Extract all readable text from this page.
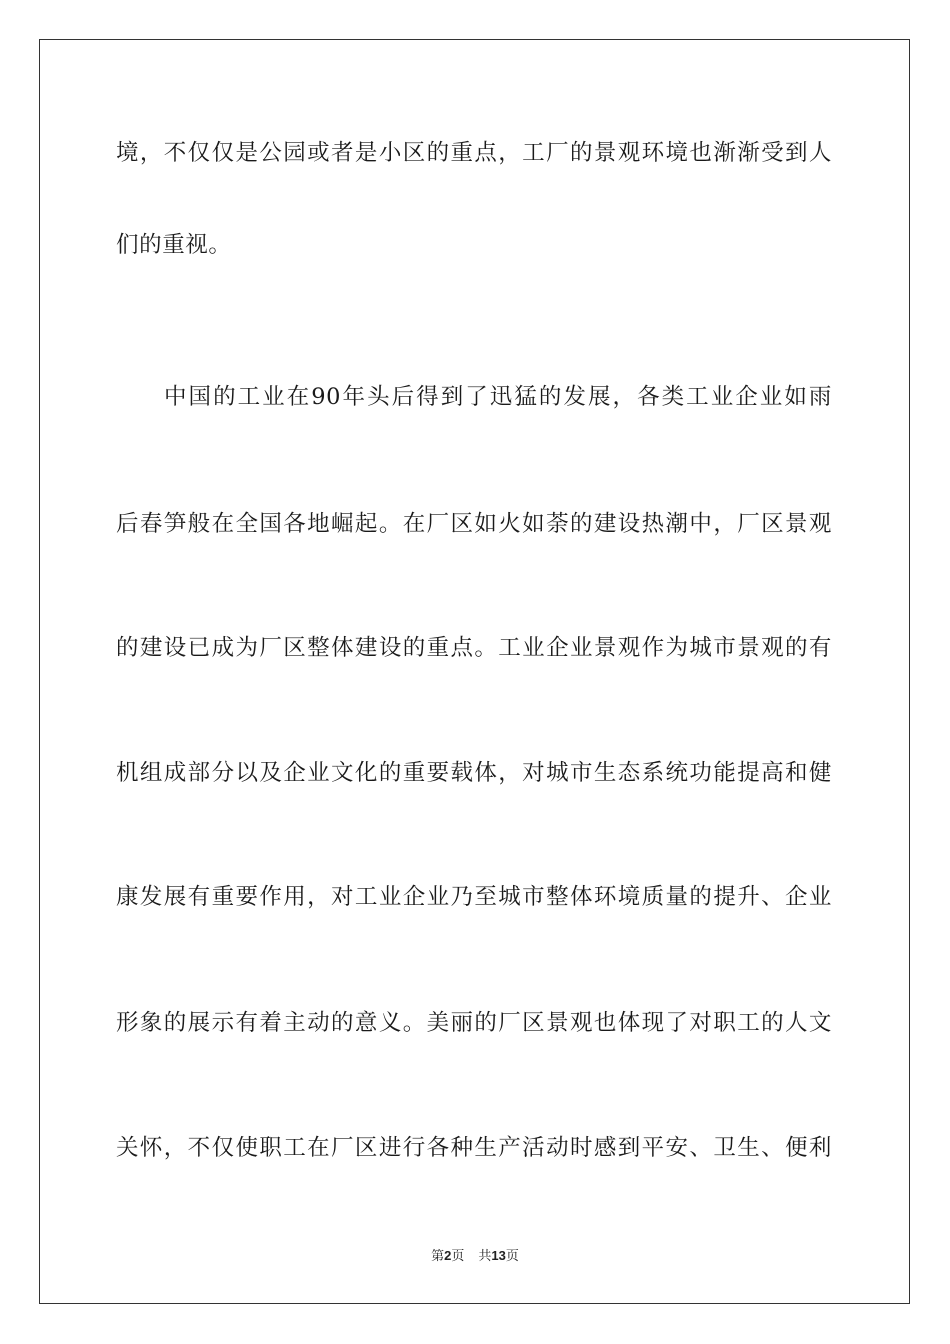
境，不仅仅是公园或者是小区的重点，工厂的景观环境也渐渐受到人
们的重视。
中国的工业在90年头后得到了迅猛的发展，各类工业企业如雨
后春笋般在全国各地崛起。在厂区如火如荼的建设热潮中，厂区景观
的建设已成为厂区整体建设的重点。工业企业景观作为城市景观的有
机组成部分以及企业文化的重要载体，对城市生态系统功能提高和健
康发展有重要作用，对工业企业乃至城市整体环境质量的提升、企业
形象的展示有着主动的意义。美丽的厂区景观也体现了对职工的人文
关怀，不仅使职工在厂区进行各种生产活动时感到平安、卫生、便利
第2页 共13页
